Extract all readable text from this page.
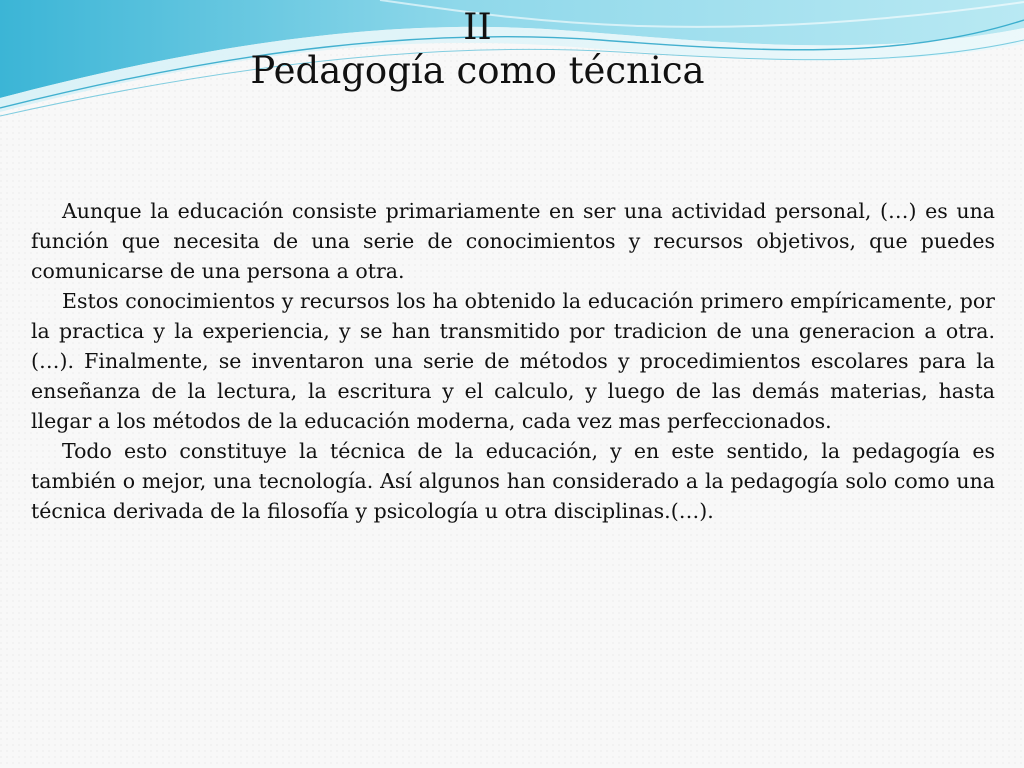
II
Pedagogía como técnica

Aunque la educación consiste primariamente en ser una actividad personal, (…) es una función que necesita de una serie de conocimientos y recursos objetivos, que puedes comunicarse de una persona a otra.

Estos conocimientos y recursos los ha obtenido la educación primero empíricamente, por la practica y la experiencia, y se han transmitido por tradicion de una generacion a otra. (…). Finalmente, se inventaron una serie de métodos y procedimientos escolares para la enseñanza de la lectura, la escritura y el calculo, y luego de las demás materias, hasta llegar a los métodos de la educación moderna, cada vez mas perfeccionados.

Todo esto constituye la técnica de la educación, y en este sentido, la pedagogía es también o mejor, una tecnología. Así algunos han considerado a la pedagogía solo como una técnica derivada de la filosofía y psicología u otra disciplinas.(…).
